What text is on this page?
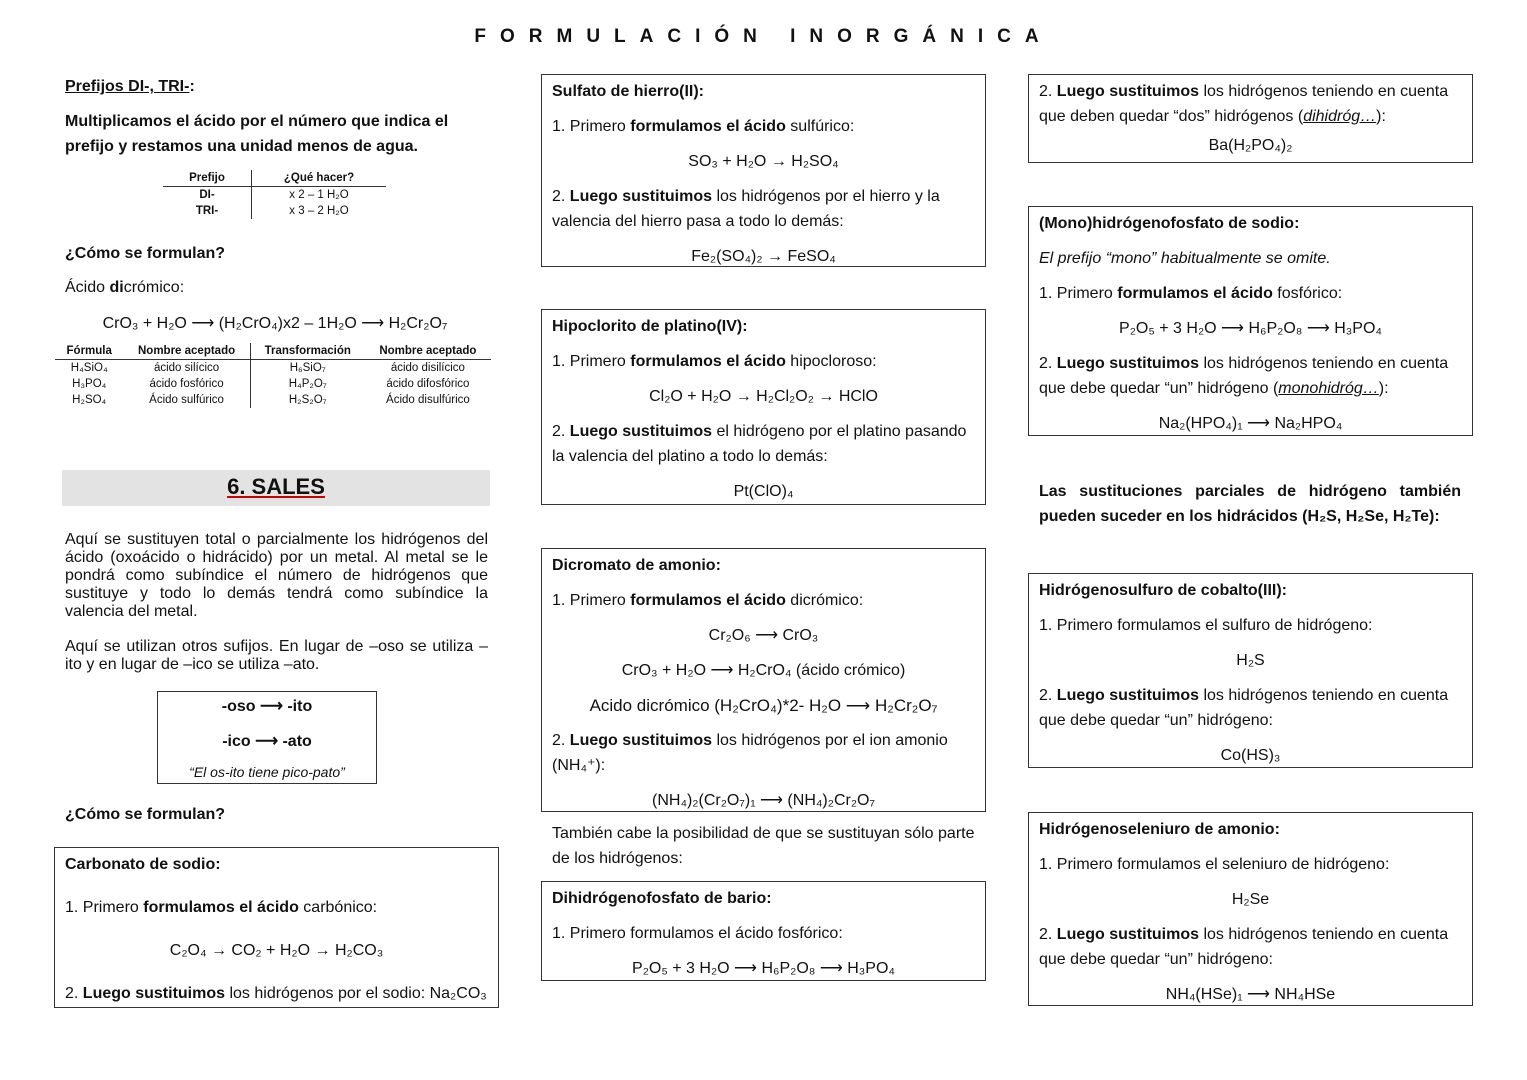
FORMULACIÓN INORGÁNICA

Prefijos DI-, TRI-:

Multiplicamos el ácido por el número que indica el prefijo y restamos una unidad menos de agua.

Prefijo	¿Qué hacer?
DI-	x 2 – 1 H₂O
TRI-	x 3 – 2 H₂O

¿Cómo se formulan?

Ácido dicrómico:

CrO₃ + H₂O ⟶ (H₂CrO₄)x2 – 1H₂O ⟶ H₂Cr₂O₇

Fórmula	Nombre aceptado	Transformación	Nombre aceptado
H₄SiO₄	ácido silícico	H₆SiO₇	ácido disilícico
H₃PO₄	ácido fosfórico	H₄P₂O₇	ácido difosfórico
H₂SO₄	Ácido sulfúrico	H₂S₂O₇	Ácido disulfúrico
6. SALES

Aquí se sustituyen total o parcialmente los hidrógenos del ácido (oxoácido o hidrácido) por un metal. Al metal se le pondrá como subíndice el número de hidrógenos que sustituye y todo lo demás tendrá como subíndice la valencia del metal.

Aquí se utilizan otros sufijos. En lugar de –oso se utiliza –ito y en lugar de –ico se utiliza –ato.

-oso ⟶ -ito

-ico ⟶ -ato

“El os-ito tiene pico-pato”

¿Cómo se formulan?

Carbonato de sodio:

1. Primero formulamos el ácido carbónico:

C₂O₄ → CO₂ + H₂O → H₂CO₃

2. Luego sustituimos los hidrógenos por el sodio: Na₂CO₃

Sulfato de hierro(II):

1. Primero formulamos el ácido sulfúrico:

SO₃ + H₂O → H₂SO₄

2. Luego sustituimos los hidrógenos por el hierro y la valencia del hierro pasa a todo lo demás:

Fe₂(SO₄)₂ → FeSO₄

Hipoclorito de platino(IV):

1. Primero formulamos el ácido hipocloroso:

Cl₂O + H₂O → H₂Cl₂O₂ → HClO

2. Luego sustituimos el hidrógeno por el platino pasando la valencia del platino a todo lo demás:

Pt(ClO)₄

Dicromato de amonio:

1. Primero formulamos el ácido dicrómico:

Cr₂O₆ ⟶ CrO₃

CrO₃ + H₂O ⟶ H₂CrO₄ (ácido crómico)

Acido dicrómico (H₂CrO₄)*2- H₂O ⟶ H₂Cr₂O₇

2. Luego sustituimos los hidrógenos por el ion amonio (NH₄⁺):

(NH₄)₂(Cr₂O₇)₁ ⟶ (NH₄)₂Cr₂O₇

También cabe la posibilidad de que se sustituyan sólo parte de los hidrógenos:

Dihidrógenofosfato de bario:

1. Primero formulamos el ácido fosfórico:

P₂O₅ + 3 H₂O ⟶ H₆P₂O₈ ⟶ H₃PO₄

2. Luego sustituimos los hidrógenos teniendo en cuenta que deben quedar “dos” hidrógenos (dihidróg…):

Ba(H₂PO₄)₂

(Mono)hidrógenofosfato de sodio:

El prefijo “mono” habitualmente se omite.

1. Primero formulamos el ácido fosfórico:

P₂O₅ + 3 H₂O ⟶ H₆P₂O₈ ⟶ H₃PO₄

2. Luego sustituimos los hidrógenos teniendo en cuenta que debe quedar “un” hidrógeno (monohidróg…):

Na₂(HPO₄)₁ ⟶ Na₂HPO₄

Las sustituciones parciales de hidrógeno también pueden suceder en los hidrácidos (H₂S, H₂Se, H₂Te):

Hidrógenosulfuro de cobalto(III):

1. Primero formulamos el sulfuro de hidrógeno:

H₂S

2. Luego sustituimos los hidrógenos teniendo en cuenta que debe quedar “un” hidrógeno:

Co(HS)₃

Hidrógenoseleniuro de amonio:

1. Primero formulamos el seleniuro de hidrógeno:

H₂Se

2. Luego sustituimos los hidrógenos teniendo en cuenta que debe quedar “un” hidrógeno:

NH₄(HSe)₁ ⟶ NH₄HSe
